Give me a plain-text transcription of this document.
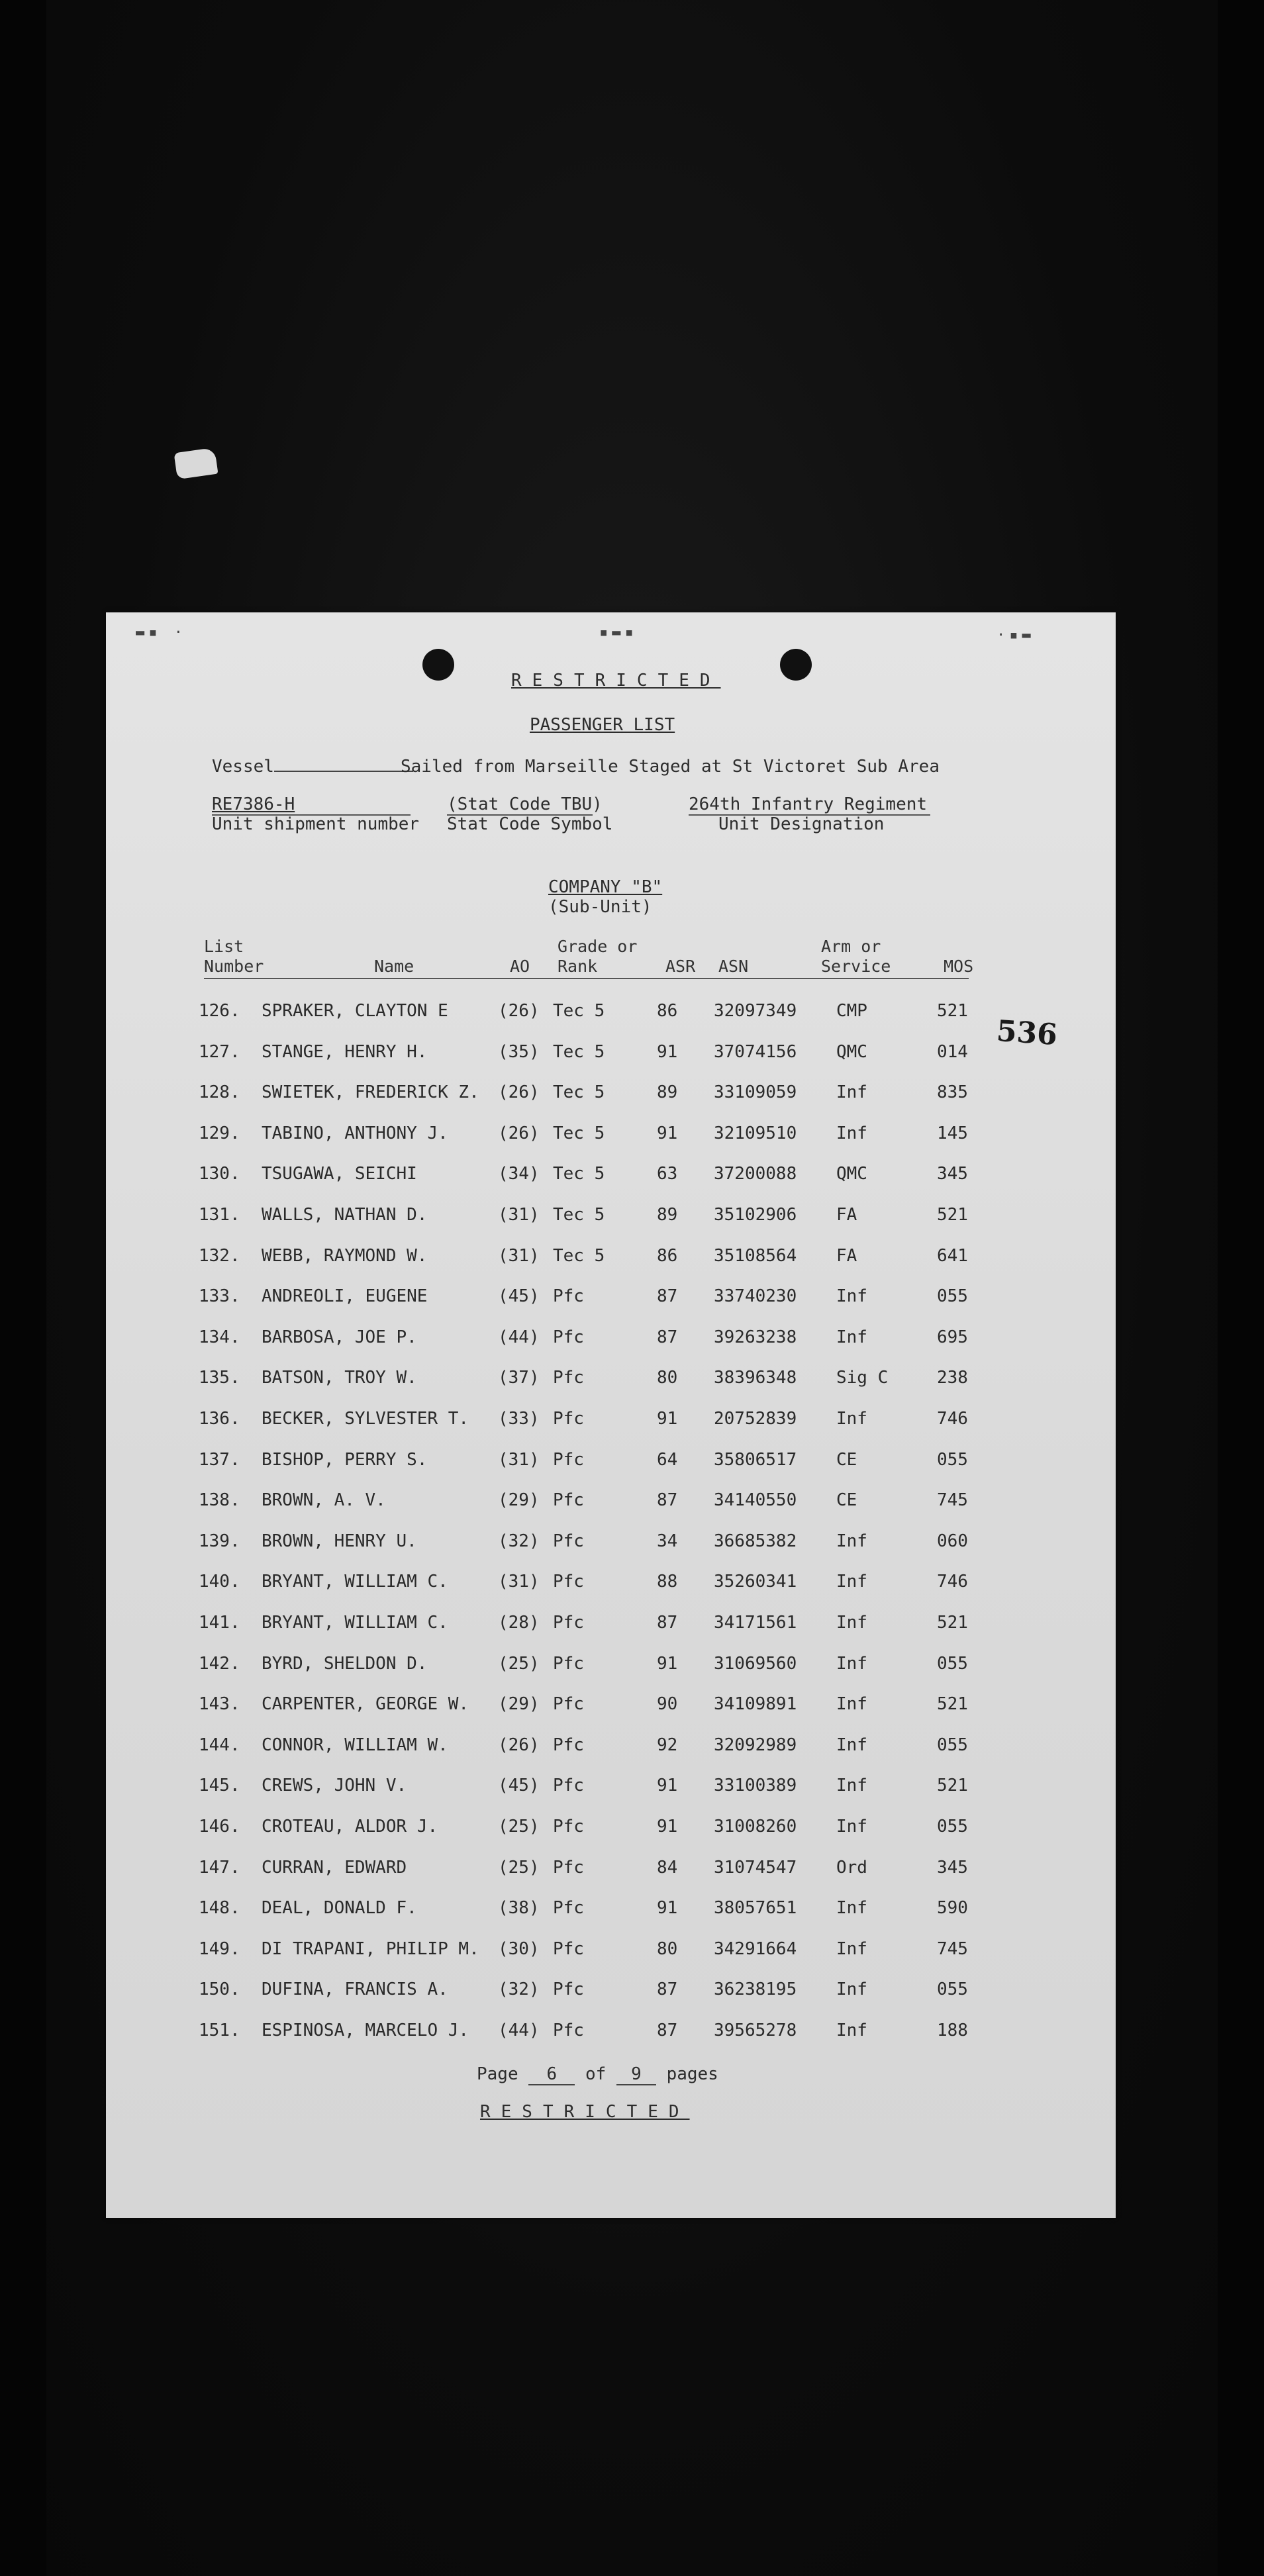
▬▪ ·	·▪▬
▪▬▪
RESTRICTED
PASSENGER LIST
Vessel	Sailed from Marseille Staged at St Victoret Sub Area
RE7386-H
Unit shipment number
(Stat Code TBU)
Stat Code Symbol
264th Infantry Regiment
Unit Designation
COMPANY "B"
(Sub-Unit)
List
Number	Name	AO
Grade or
Rank	ASR ASN
Arm or
Service	MOS
126. SPRAKER, CLAYTON E	(26) Tec 5	86 32097349 CMP	521
127. STANGE, HENRY H.	(35) Tec 5	91 37074156 QMC	014
128. SWIETEK, FREDERICK Z. (26) Tec 5	89 33109059 Inf	835
129. TABINO, ANTHONY J.	(26) Tec 5	91 32109510 Inf	145
130. TSUGAWA, SEICHI	(34) Tec 5	63 37200088 QMC	345
131. WALLS, NATHAN D.	(31) Tec 5	89 35102906 FA	521
132. WEBB, RAYMOND W.	(31) Tec 5	86 35108564 FA	641
133. ANDREOLI, EUGENE	(45) Pfc	87 33740230 Inf	055
134. BARBOSA, JOE P.	(44) Pfc	87 39263238 Inf	695
135. BATSON, TROY W.	(37) Pfc	80 38396348 Sig C	238
136. BECKER, SYLVESTER T. (33) Pfc	91 20752839 Inf	746
137. BISHOP, PERRY S.	(31) Pfc	64 35806517 CE	055
138. BROWN, A. V.	(29) Pfc	87 34140550 CE	745
139. BROWN, HENRY U.	(32) Pfc	34 36685382 Inf	060
140. BRYANT, WILLIAM C.	(31) Pfc	88 35260341 Inf	746
141. BRYANT, WILLIAM C.	(28) Pfc	87 34171561 Inf	521
142. BYRD, SHELDON D.	(25) Pfc	91 31069560 Inf	055
143. CARPENTER, GEORGE W. (29) Pfc	90 34109891 Inf	521
144. CONNOR, WILLIAM W.	(26) Pfc	92 32092989 Inf	055
145. CREWS, JOHN V.	(45) Pfc	91 33100389 Inf	521
146. CROTEAU, ALDOR J.	(25) Pfc	91 31008260 Inf	055
147. CURRAN, EDWARD	(25) Pfc	84 31074547 Ord	345
148. DEAL, DONALD F.	(38) Pfc	91 38057651 Inf	590
149. DI TRAPANI, PHILIP M. (30) Pfc	80 34291664 Inf	745
150. DUFINA, FRANCIS A.	(32) Pfc	87 36238195 Inf	055
151. ESPINOSA, MARCELO J. (44) Pfc	87 39565278 Inf	188
Page 6 of 9 pages
RESTRICTED
536
